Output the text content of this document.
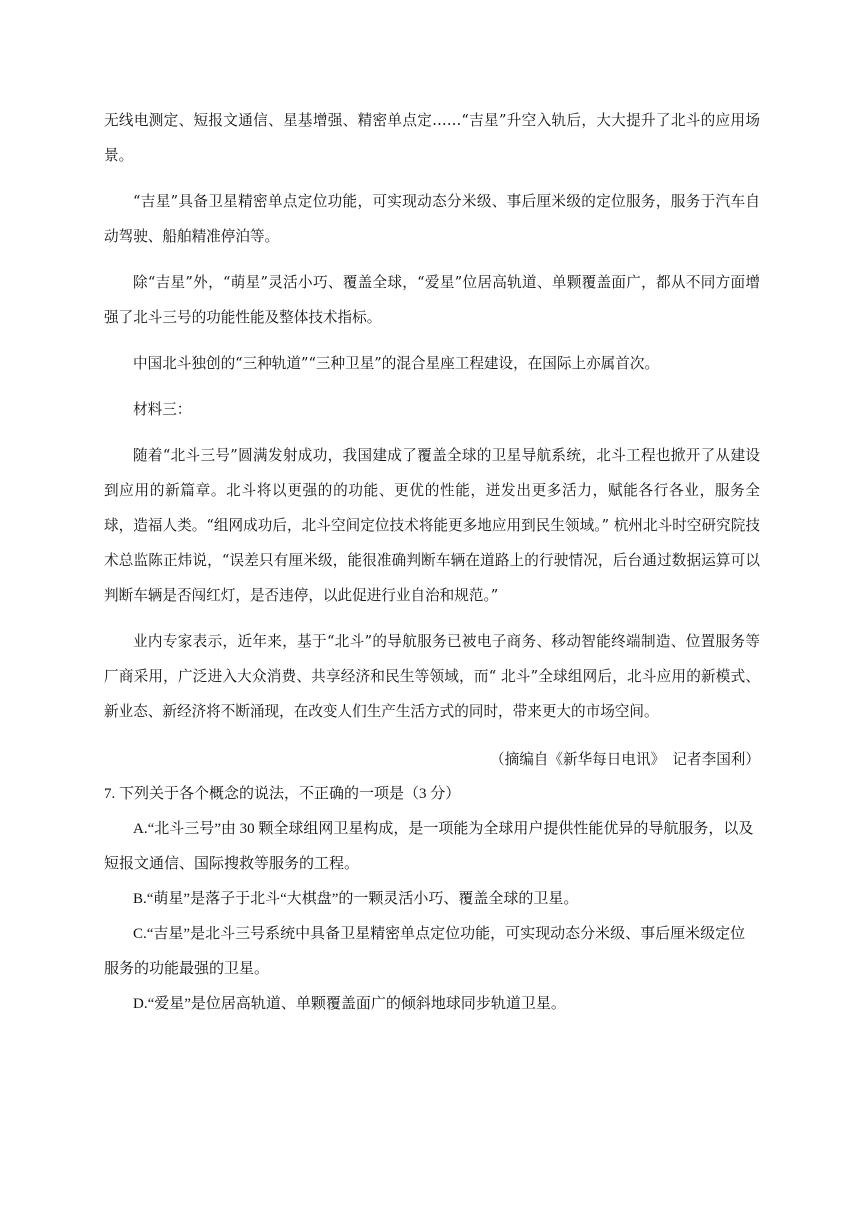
无线电测定、短报文通信、星基增强、精密单点定……“吉星”升空入轨后，大大提升了北斗的应用场景。

“吉星”具备卫星精密单点定位功能，可实现动态分米级、事后厘米级的定位服务，服务于汽车自动驾驶、船舶精准停泊等。

除“吉星”外，“萌星”灵活小巧、覆盖全球，“爱星”位居高轨道、单颗覆盖面广，都从不同方面增强了北斗三号的功能性能及整体技术指标。

中国北斗独创的“三种轨道”“三种卫星”的混合星座工程建设，在国际上亦属首次。

材料三：

随着“北斗三号”圆满发射成功，我国建成了覆盖全球的卫星导航系统，北斗工程也掀开了从建设到应用的新篇章。北斗将以更强的的功能、更优的性能，迸发出更多活力，赋能各行各业，服务全球，造福人类。“组网成功后，北斗空间定位技术将能更多地应用到民生领域。” 杭州北斗时空研究院技术总监陈正炜说，“误差只有厘米级，能很准确判断车辆在道路上的行驶情况，后台通过数据运算可以判断车辆是否闯红灯，是否违停，以此促进行业自治和规范。”

业内专家表示，近年来，基于“北斗”的导航服务已被电子商务、移动智能终端制造、位置服务等厂商采用，广泛进入大众消费、共享经济和民生等领域，而“ 北斗”全球组网后，北斗应用的新模式、新业态、新经济将不断涌现，在改变人们生产生活方式的同时，带来更大的市场空间。

（摘编自《新华每日电讯》　记者李国利）

7. 下列关于各个概念的说法，不正确的一项是（3 分）

A.“北斗三号”由 30 颗全球组网卫星构成，是一项能为全球用户提供性能优异的导航服务，以及短报文通信、国际搜救等服务的工程。

B.“萌星”是落子于北斗“大棋盘”的一颗灵活小巧、覆盖全球的卫星。

C.“吉星”是北斗三号系统中具备卫星精密单点定位功能，可实现动态分米级、事后厘米级定位服务的功能最强的卫星。

D.“爱星”是位居高轨道、单颗覆盖面广的倾斜地球同步轨道卫星。
